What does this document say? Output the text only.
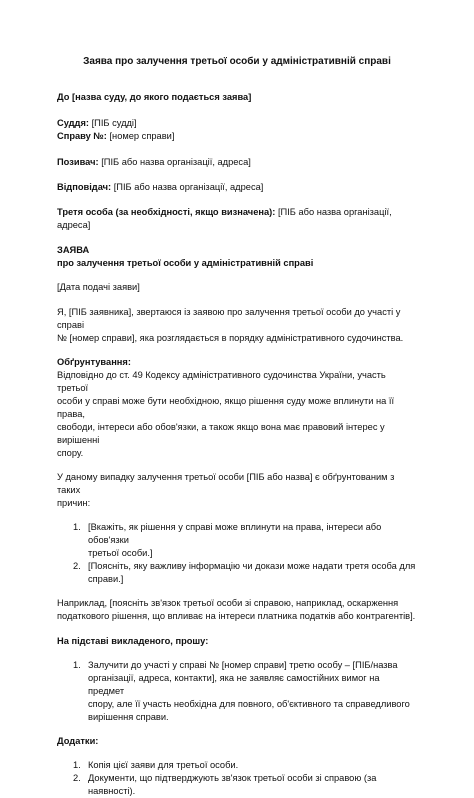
Заява про залучення третьої особи у адміністративній справі
До [назва суду, до якого подається заява]
Суддя: [ПІБ судді]
Справу №: [номер справи]
Позивач: [ПІБ або назва організації, адреса]
Відповідач: [ПІБ або назва організації, адреса]
Третя особа (за необхідності, якщо визначена): [ПІБ або назва організації, адреса]
ЗАЯВА
про залучення третьої особи у адміністративній справі
[Дата подачі заяви]
Я, [ПІБ заявника], звертаюся із заявою про залучення третьої особи до участі у справі
№ [номер справи], яка розглядається в порядку адміністративного судочинства.
Обґрунтування:
Відповідно до ст. 49 Кодексу адміністративного судочинства України, участь третьої
особи у справі може бути необхідною, якщо рішення суду може вплинути на її права,
свободи, інтереси або обов'язки, а також якщо вона має правовий інтерес у вирішенні
спору.
У даному випадку залучення третьої особи [ПІБ або назва] є обґрунтованим з таких
причин:
1. [Вкажіть, як рішення у справі може вплинути на права, інтереси або обов'язки
третьої особи.]
2. [Поясніть, яку важливу інформацію чи докази може надати третя особа для
справи.]
Наприклад, [поясніть зв'язок третьої особи зі справою, наприклад, оскарження
податкового рішення, що впливає на інтереси платника податків або контрагентів].
На підставі викладеного, прошу:
1. Залучити до участі у справі № [номер справи] третю особу – [ПІБ/назва
організації, адреса, контакти], яка не заявляє самостійних вимог на предмет
спору, але її участь необхідна для повного, об'єктивного та справедливого
вирішення справи.
Додатки:
1. Копія цієї заяви для третьої особи.
2. Документи, що підтверджують зв'язок третьої особи зі справою (за наявності).
